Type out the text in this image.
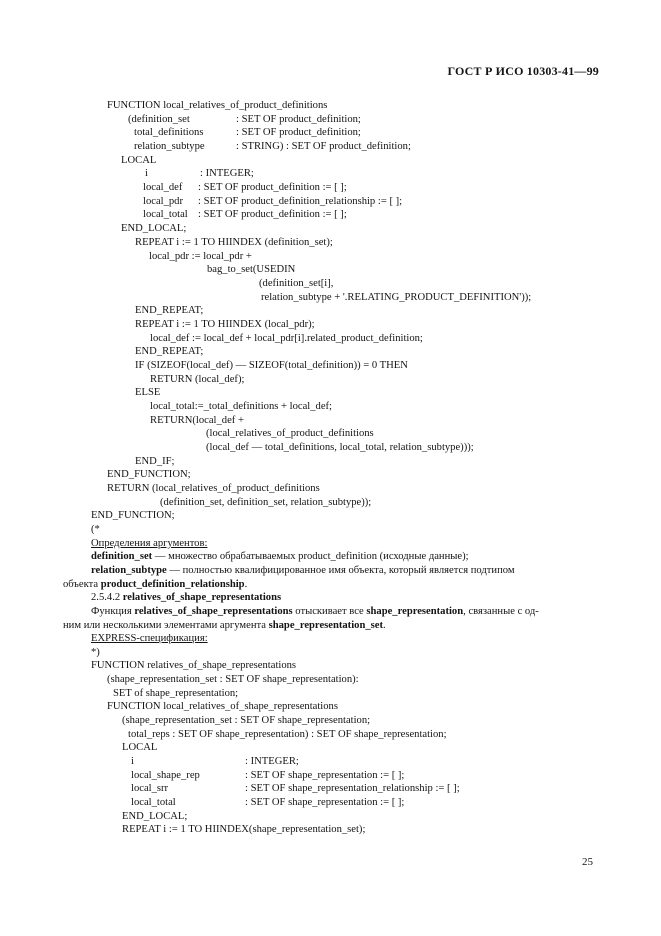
ГОСТ Р ИСО 10303-41—99
FUNCTION local_relatives_of_product_definitions
(definition_set	: SET OF product_definition;
total_definitions	: SET OF product_definition;
relation_subtype	: STRING) : SET OF product_definition;
LOCAL
i	: INTEGER;
local_def : SET OF product_definition := [ ];
local_pdr : SET OF product_definition_relationship := [ ];
local_total : SET OF product_definition := [ ];
END_LOCAL;
REPEAT i := 1 TO HIINDEX (definition_set);
local_pdr := local_pdr +
bag_to_set(USEDIN
(definition_set[i],
relation_subtype + '.RELATING_PRODUCT_DEFINITION'));
END_REPEAT;
REPEAT i := 1 TO HIINDEX (local_pdr);
local_def := local_def + local_pdr[i].related_product_definition;
END_REPEAT;
IF (SIZEOF(local_def) — SIZEOF(total_definition)) = 0 THEN
RETURN (local_def);
ELSE
local_total:=_total_definitions + local_def;
RETURN(local_def +
(local_relatives_of_product_definitions
(local_def — total_definitions, local_total, relation_subtype)));
END_IF;
END_FUNCTION;
RETURN (local_relatives_of_product_definitions
(definition_set, definition_set, relation_subtype));
END_FUNCTION;
(*
Определения аргументов:
definition_set — множество обрабатываемых product_definition (исходные данные);
relation_subtype — полностью квалифицированное имя объекта, который является подтипом
объекта product_definition_relationship.
2.5.4.2 relatives_of_shape_representations
Функция relatives_of_shape_representations отыскивает все shape_representation, связанные с од-
ним или несколькими элементами аргумента shape_representation_set.
EXPRESS-спецификация:
*)
FUNCTION relatives_of_shape_representations
(shape_representation_set : SET OF shape_representation):
SET of shape_representation;
FUNCTION local_relatives_of_shape_representations
(shape_representation_set : SET OF shape_representation;
total_reps : SET OF shape_representation) : SET OF shape_representation;
LOCAL
i	: INTEGER;
local_shape_rep	: SET OF shape_representation := [ ];
local_srr	: SET OF shape_representation_relationship := [ ];
local_total	: SET OF shape_representation := [ ];
END_LOCAL;
REPEAT i := 1 TO HIINDEX(shape_representation_set);
25
